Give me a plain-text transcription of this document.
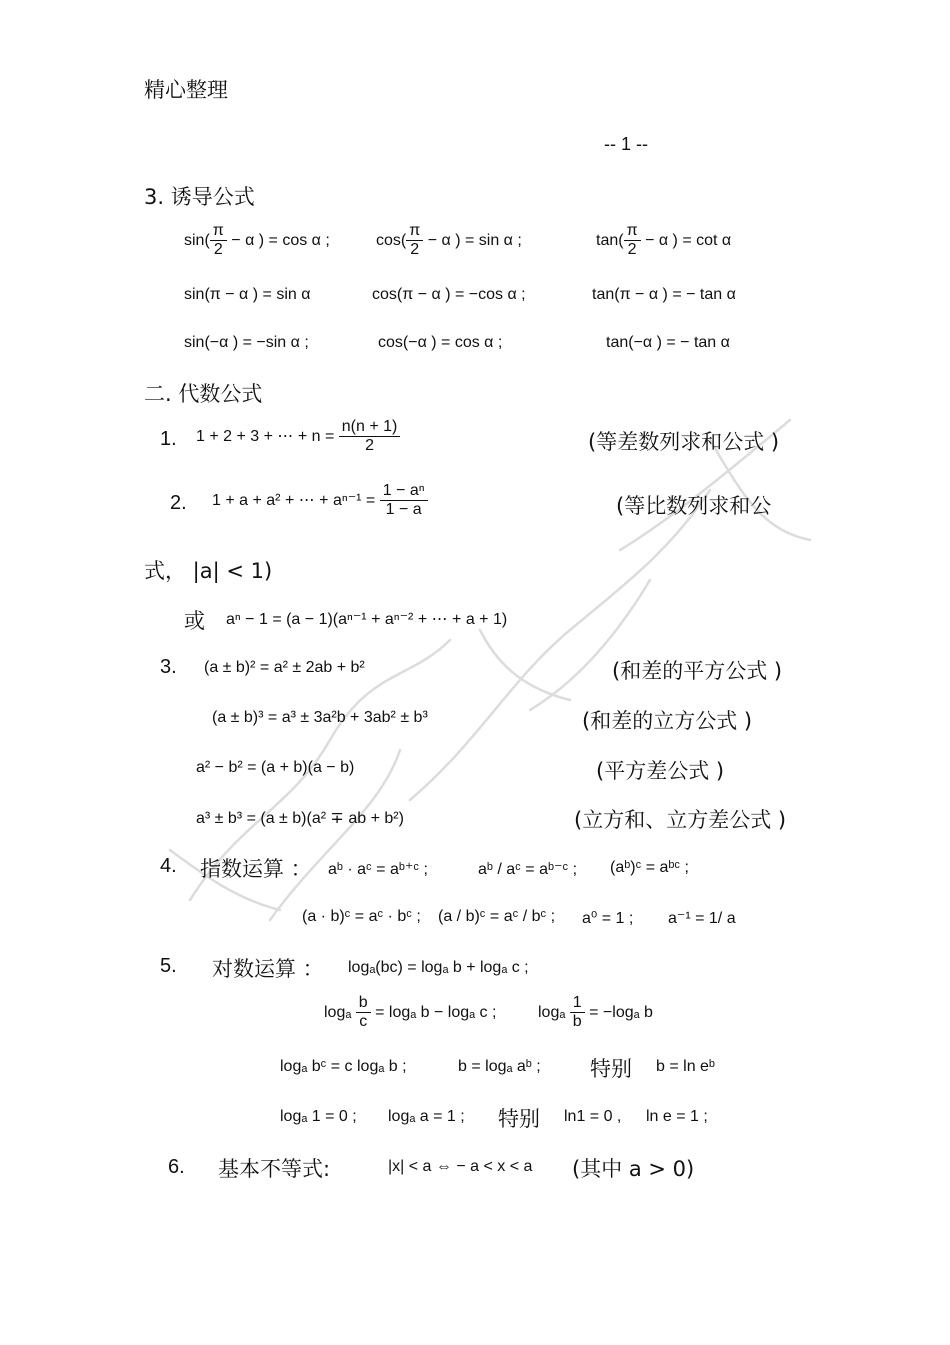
精心整理
-- 1 --
3. 诱导公式
$\sin( \frac{\pi}{2} - \alpha$ ) = cos α ;	$\cos( \frac{\pi}{2} - \alpha$ ) = sin α ;	$\tan( \frac{\pi}{2} - \alpha$ ) = cot α
sin(π − α ) = sin α	cos(π − α ) = −cos α ;	tan(π − α ) = − tan α
sin(−α ) = −sin α ;	cos(−α ) = cos α ;	tan(−α ) = − tan α
二. 代数公式
1. 1 + 2 + 3 + ⋯ + $n = \frac{n(n + 1)}{2}$	(等差数列求和公式 )
2. 1 + a + a² + ⋯ + $a^{n-1} = \frac{\text{1 − aⁿ}}{1 - a}$	(等比数列求和公
式， |a| < 1)
或 aⁿ − 1 = (a − 1)(aⁿ⁻¹ + aⁿ⁻² + ⋯ + a + 1)
3. (a ± b)² = a² ± 2ab + b²	(和差的平方公式 )
(a ± b)³ = a³ ± 3a²b + 3ab² ± b³	(和差的立方公式 )
a² − b² = (a + b)(a − b)	(平方差公式 )
a³ ± b³ = (a ± b)(a² ∓ ab + b²)	(立方和、立方差公式 )
4. 指数运算 ： aᵇ · aᶜ = aᵇ⁺ᶜ ;	aᵇ / aᶜ = aᵇ⁻ᶜ ; (aᵇ)ᶜ = aᵇᶜ ;
(a · b)ᶜ = aᶜ · bᶜ ; (a / b)ᶜ = aᶜ / bᶜ ; a⁰ = 1 ; a⁻¹ = 1/ a
5. 对数运算 ： logₐ(bc) = logₐ b + logₐ c ;
logₐ $\frac{b}{c} = \log_a$ b − logₐ c ;	logₐ $\frac{1}{b} = -\log_a$ b
logₐ bᶜ = c logₐ b ;	b = logₐ aᵇ ; 特别 b = ln eᵇ
logₐ 1 = 0 ; logₐ a = 1 ; 特别 ln1 = 0 , ln e = 1 ;
6. 基本不等式:	|x| < a ⇔ − a < x < a (其中 a > 0)
